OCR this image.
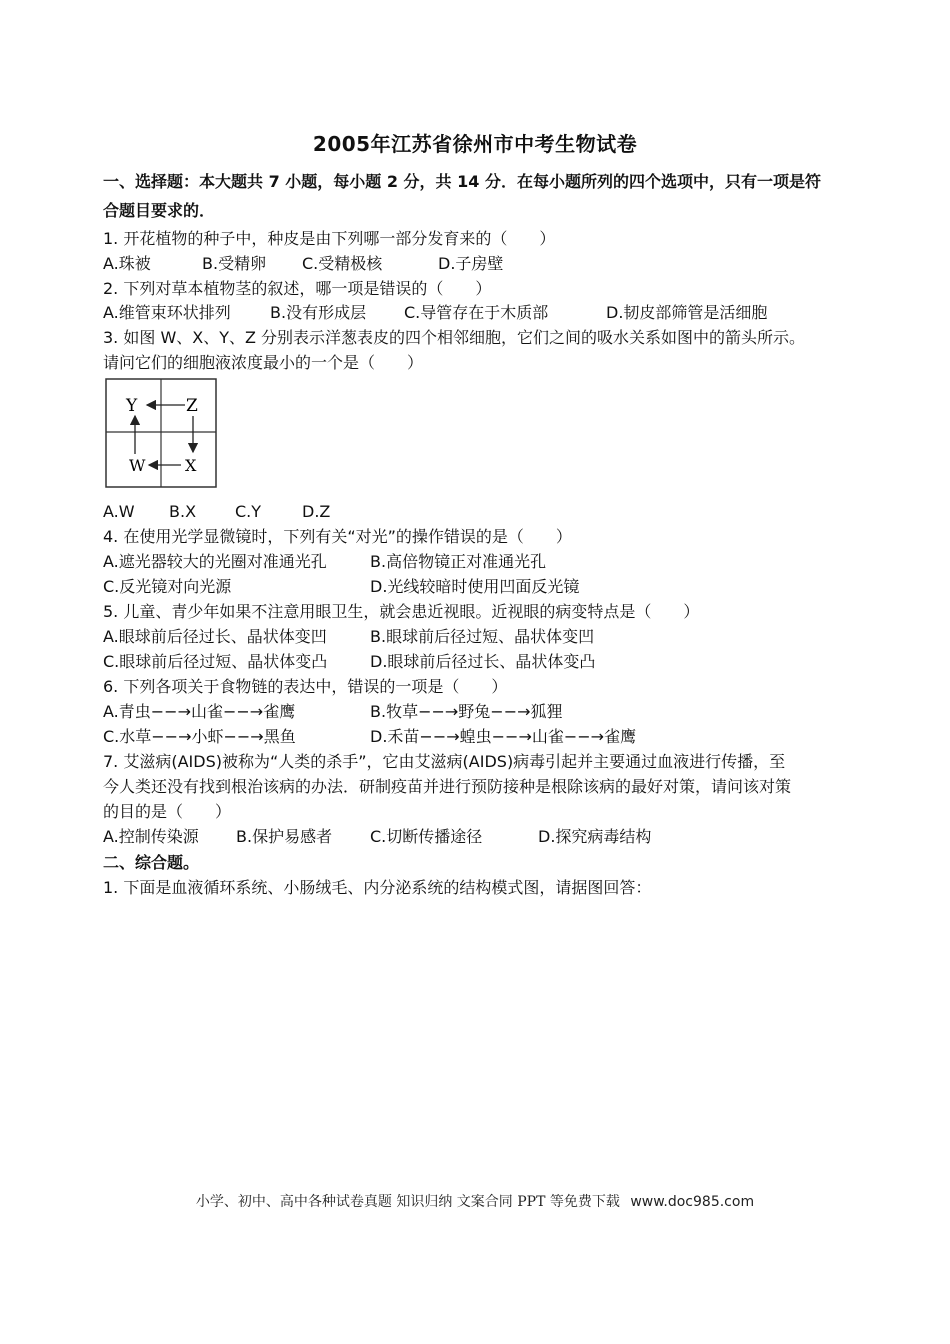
2005年江苏省徐州市中考生物试卷
一、选择题：本大题共 7 小题，每小题 2 分，共 14 分．在每小题所列的四个选项中，只有一项是符
合题目要求的．
1. 开花植物的种子中，种皮是由下列哪一部分发育来的（　　）
A.珠被	B.受精卵 C.受精极核	D.子房壁
2. 下列对草本植物茎的叙述，哪一项是错误的（　　）
A.维管束环状排列 B.没有形成层 C.导管存在于木质部	D.韧皮部筛管是活细胞
3. 如图 W、X、Y、Z 分别表示洋葱表皮的四个相邻细胞，它们之间的吸水关系如图中的箭头所示。
请问它们的细胞液浓度最小的一个是（　　）
Y	Z
W X
A.W B.X C.Y	D.Z
4. 在使用光学显微镜时，下列有关“对光”的操作错误的是（　　）
A.遮光器较大的光圈对准通光孔	B.高倍物镜正对准通光孔
C.反光镜对向光源	D.光线较暗时使用凹面反光镜
5. 儿童、青少年如果不注意用眼卫生，就会患近视眼。近视眼的病变特点是（　　）
A.眼球前后径过长、晶状体变凹	B.眼球前后径过短、晶状体变凹
C.眼球前后径过短、晶状体变凸	D.眼球前后径过长、晶状体变凸
6. 下列各项关于食物链的表达中，错误的一项是（　　）
A.青虫−−→山雀−−→雀鹰	B.牧草−−→野兔−−→狐狸
C.水草−−→小虾−−→黑鱼	D.禾苗−−→蝗虫−−→山雀−−→雀鹰
7. 艾滋病(AIDS)被称为“人类的杀手”，它由艾滋病(AIDS)病毒引起并主要通过血液进行传播，至
今人类还没有找到根治该病的办法．研制疫苗并进行预防接种是根除该病的最好对策，请问该对策
的目的是（　　）
A.控制传染源 B.保护易感者 C.切断传播途径	D.探究病毒结构
二、综合题。
1. 下面是血液循环系统、小肠绒毛、内分泌系统的结构模式图，请据图回答：
小学、初中、高中各种试卷真题 知识归纳 文案合同 PPT 等免费下载 www.doc985.com
